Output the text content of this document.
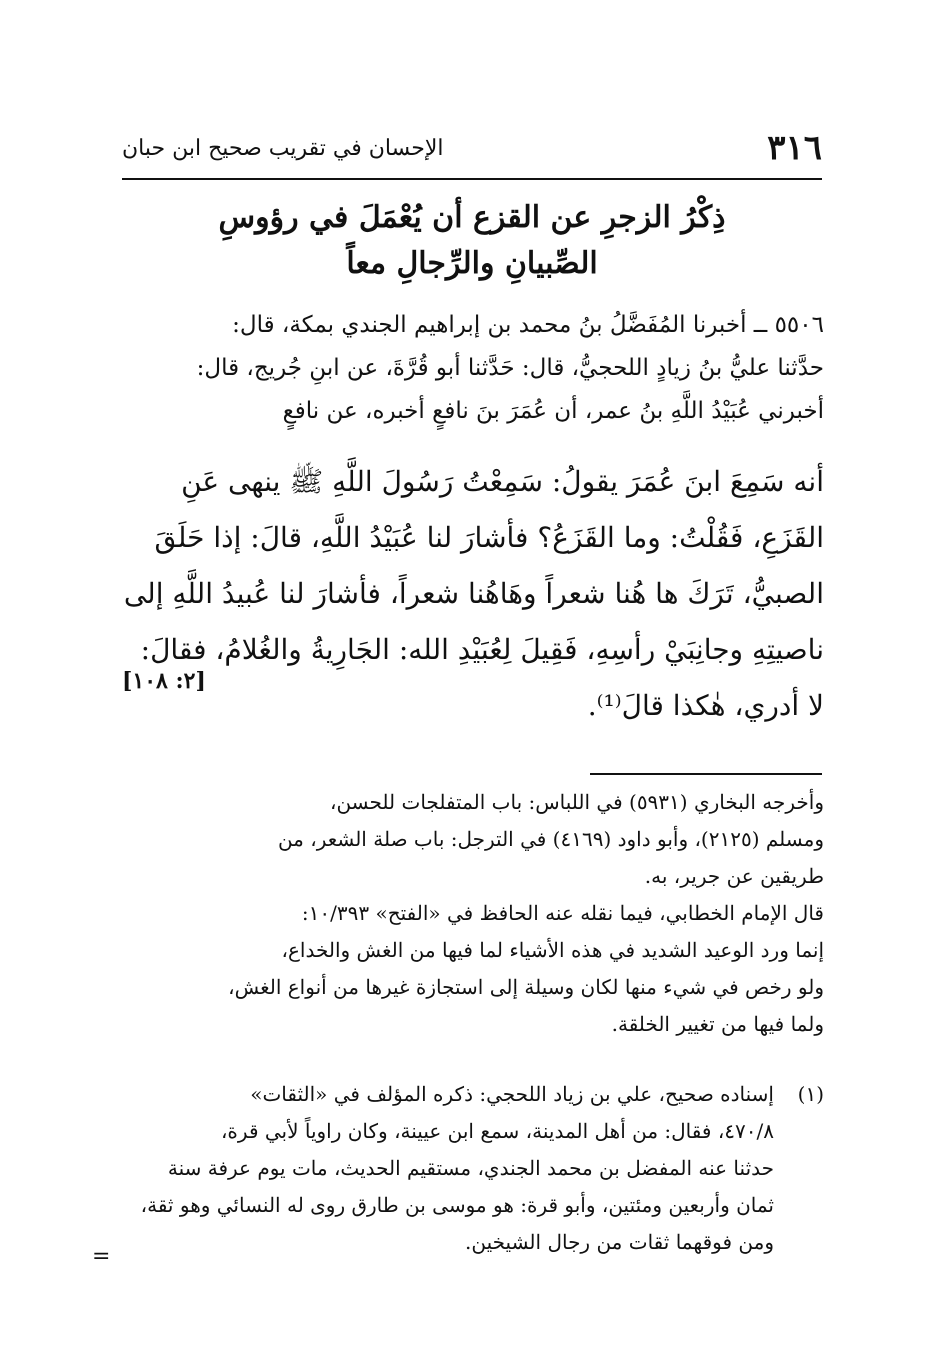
٣١٦
الإحسان في تقريب صحيح ابن حبان
ذِكْرُ الزجرِ عن القزع أن يُعْمَلَ في رؤوسِ
الصِّبيانِ والرِّجالِ معاً

٥٥٠٦ ــ أخبرنا المُفَضَّلُ بنُ محمد بن إبراهيم الجندي بمكة، قال:

حدَّثنا عليُّ بنُ زيادٍ اللحجيُّ، قال: حَدَّثنا أبو قُرَّةَ، عن ابنِ جُريج، قال:

أخبرني عُبَيْدُ اللَّهِ بنُ عمر، أن عُمَرَ بنَ نافعٍ أخبره، عن نافعٍ

أنه سَمِعَ ابنَ عُمَرَ يقولُ: سَمِعْتُ رَسُولَ اللَّهِ ﷺ ينهى عَنِ

القَزَعِ، فَقُلْتُ: وما القَزَعُ؟ فأشارَ لنا عُبَيْدُ اللَّهِ، قالَ: إذا حَلَقَ

الصبيُّ، تَرَكَ ها هُنا شعراً وهَاهُنا شعراً، فأشارَ لنا عُبيدُ اللَّهِ إلى

ناصيتِهِ وجانِبَيْ رأسِهِ، فَقِيلَ لِعُبَيْدِ الله: الجَارِيةُ والغُلامُ، فقالَ:

لا أدري، هٰكذا قالَ⁽¹⁾.

[٢: ١٠٨]

وأخرجه البخاري (٥٩٣١) في اللباس: باب المتفلجات للحسن،

ومسلم (٢١٢٥)، وأبو داود (٤١٦٩) في الترجل: باب صلة الشعر، من

طريقين عن جرير، به.

قال الإمام الخطابي، فيما نقله عنه الحافظ في «الفتح» ١٠/٣٩٣:

إنما ورد الوعيد الشديد في هذه الأشياء لما فيها من الغش والخداع،

ولو رخص في شيء منها لكان وسيلة إلى استجازة غيرها من أنواع الغش،

ولما فيها من تغيير الخلقة.

(١)

إسناده صحيح، علي بن زياد اللحجي: ذكره المؤلف في «الثقات»

٤٧٠/٨، فقال: من أهل المدينة، سمع ابن عيينة، وكان راوياً لأبي قرة،

حدثنا عنه المفضل بن محمد الجندي، مستقيم الحديث، مات يوم عرفة سنة

ثمان وأربعين ومئتين، وأبو قرة: هو موسى بن طارق روى له النسائي وهو ثقة،

ومن فوقهما ثقات من رجال الشيخين.

=
